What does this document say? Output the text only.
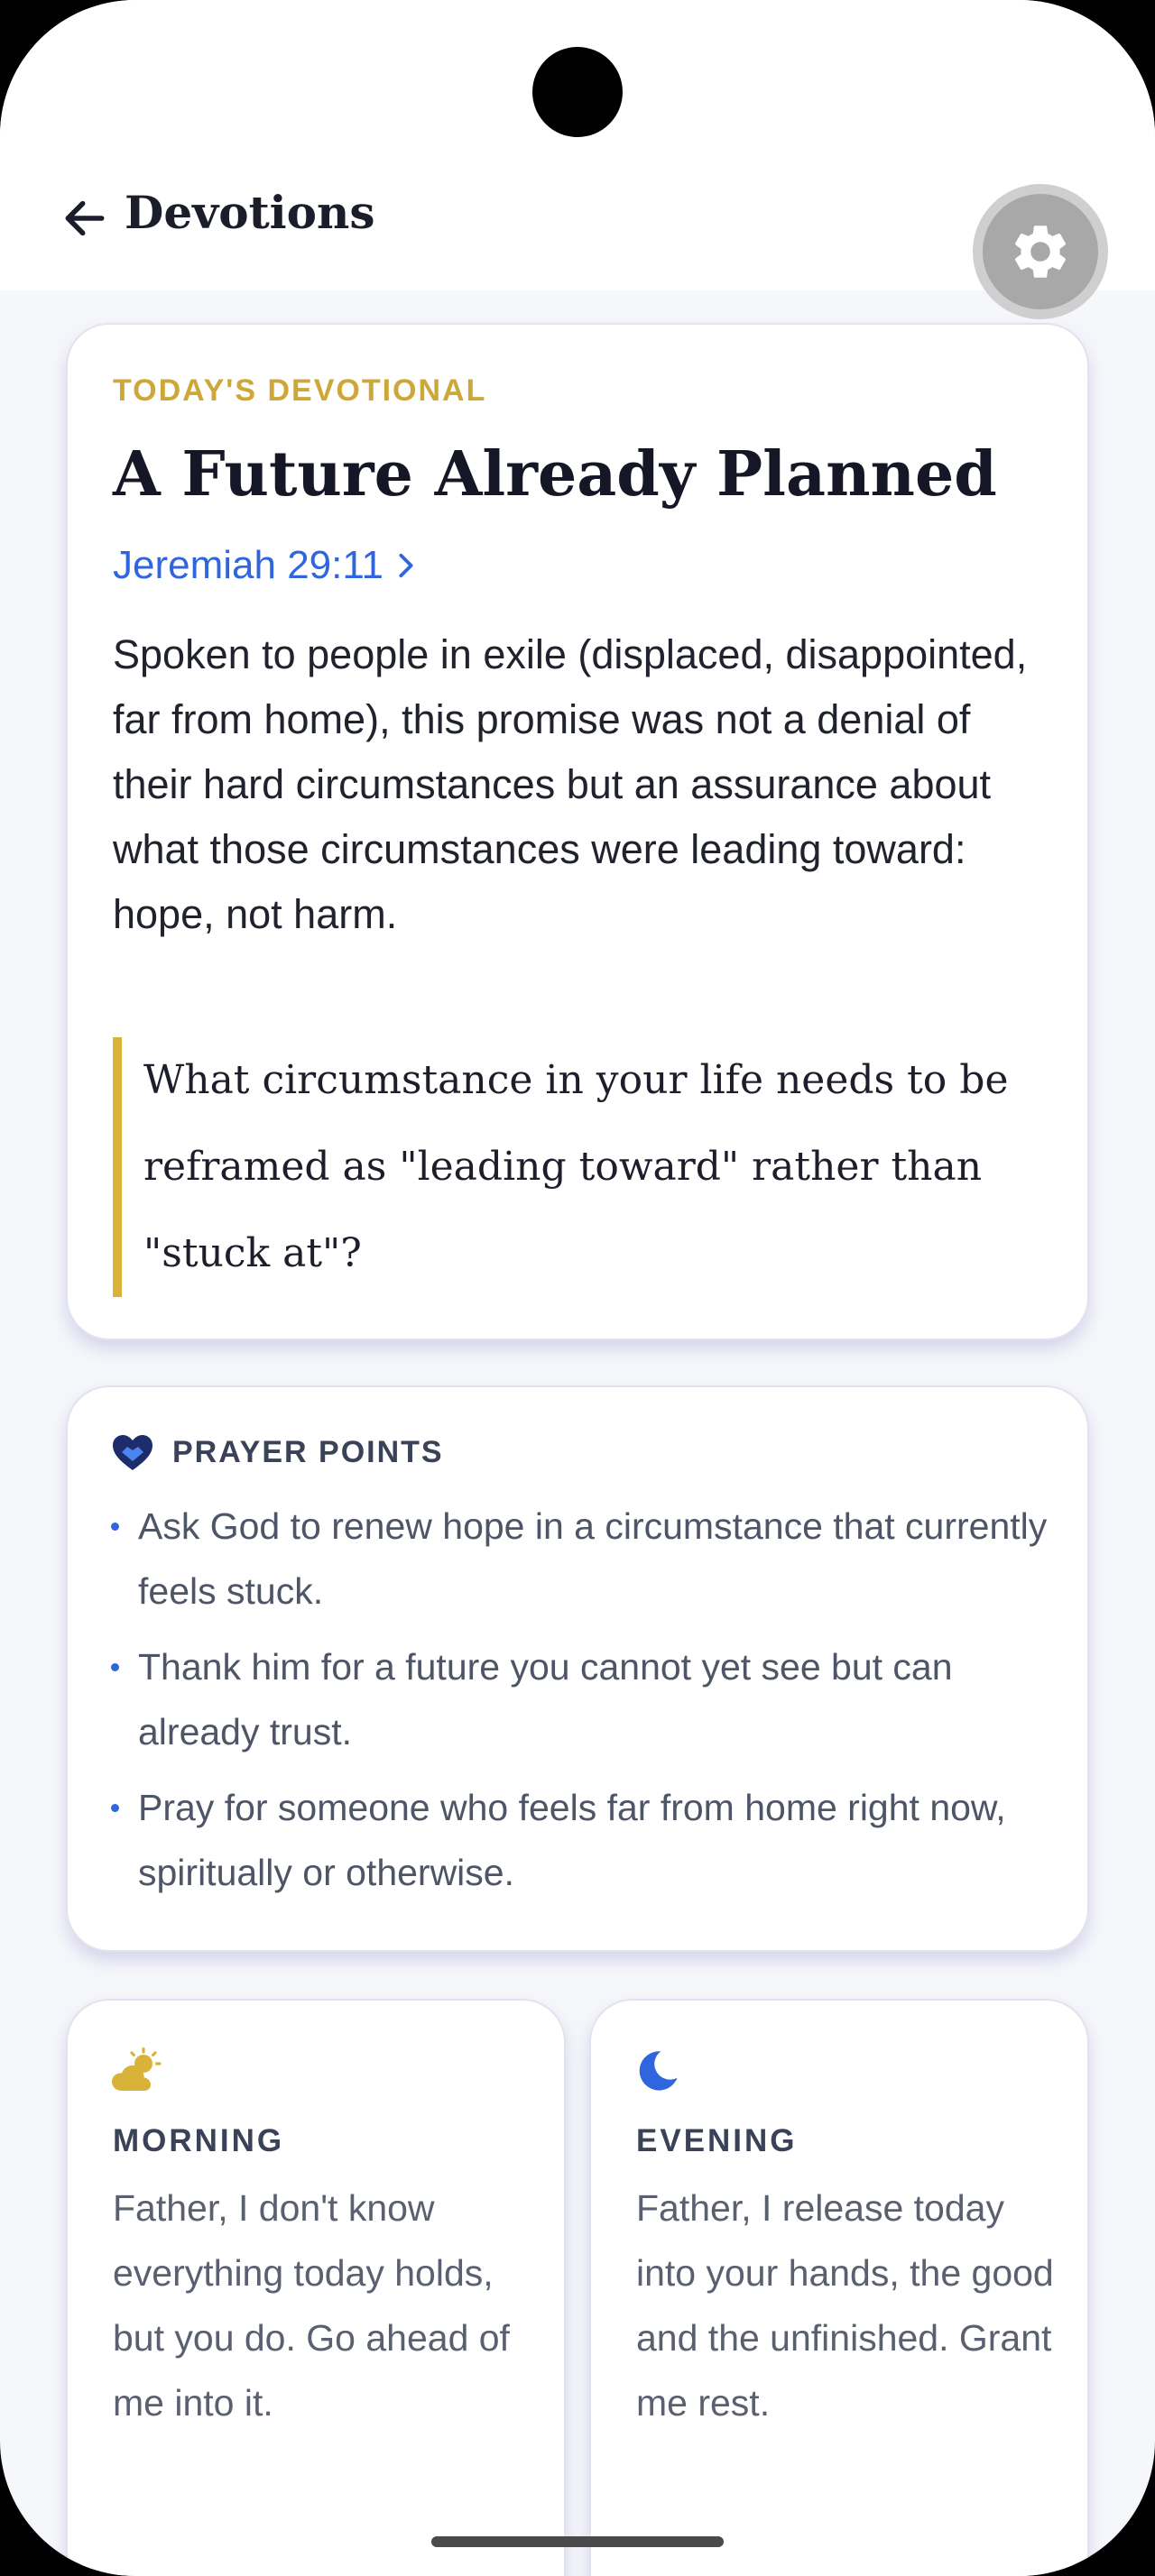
Devotions
TODAY'S DEVOTIONAL
A Future Already Planned
Jeremiah 29:11

Spoken to people in exile (displaced, disappointed, far from home), this promise was not a denial of their hard circumstances but an assurance about what those circumstances were leading toward: hope, not harm.

What circumstance in your life needs to be reframed as "leading toward" rather than "stuck at"?

PRAYER POINTS
Ask God to renew hope in a circumstance that currently feels stuck.
Thank him for a future you cannot yet see but can already trust.
Pray for someone who feels far from home right now, spiritually or otherwise.
MORNING

Father, I don't know everything today holds, but you do. Go ahead of me into it.

EVENING

Father, I release today into your hands, the good and the unfinished. Grant me rest.
